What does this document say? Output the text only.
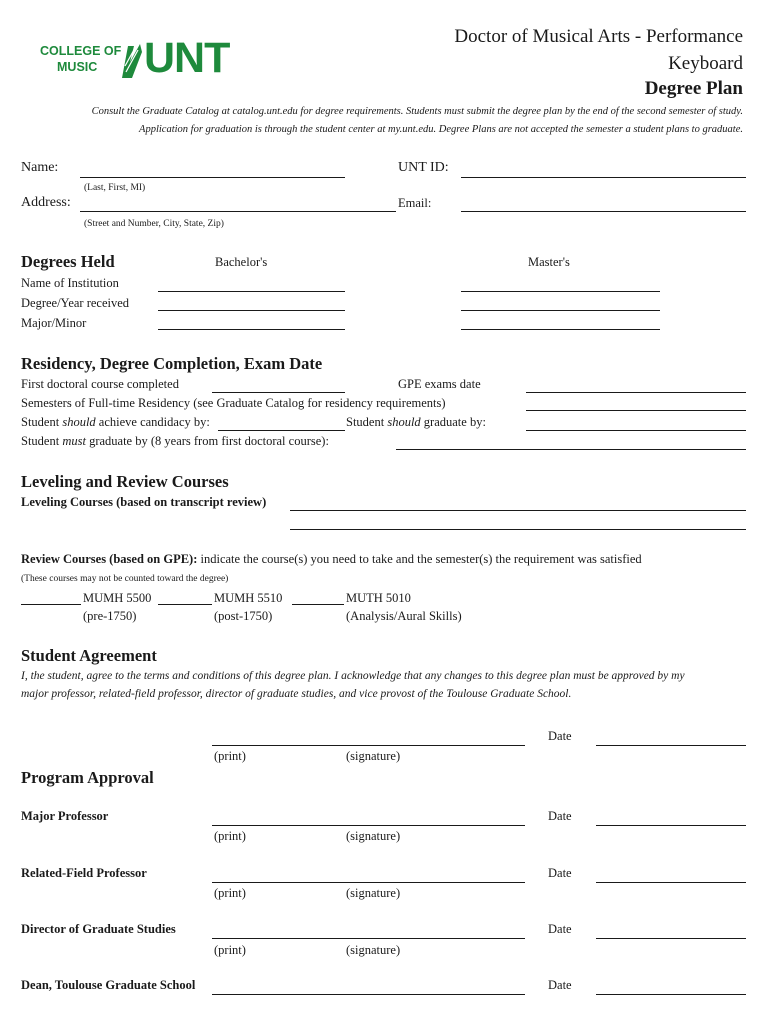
COLLEGE OF
MUSIC UNT	Doctor of Musical Arts - Performance
Keyboard
Degree Plan
Consult the Graduate Catalog at catalog.unt.edu for degree requirements. Students must submit the degree plan by the end of the second semester of study.
Application for graduation is through the student center at my.unt.edu. Degree Plans are not accepted the semester a student plans to graduate.
Name:
(Last, First, MI)
UNT ID:
Address:
(Street and Number, City, State, Zip)
Email:
Degrees Held	Bachelor's	Master's
Name of Institution
Degree/Year received
Major/Minor
Residency, Degree Completion, Exam Date
First doctoral course completed	GPE exams date
Semesters of Full-time Residency (see Graduate Catalog for residency requirements)
Student should achieve candidacy by:	Student should graduate by:
Student must graduate by (8 years from first doctoral course):
Leveling and Review Courses
Leveling Courses (based on transcript review)
Review Courses (based on GPE): indicate the course(s) you need to take and the semester(s) the requirement was satisfied
(These courses may not be counted toward the degree)
MUMH 5500
(pre-1750)
MUMH 5510
(post-1750)
MUTH 5010
(Analysis/Aural Skills)
Student Agreement
I, the student, agree to the terms and conditions of this degree plan. I acknowledge that any changes to this degree plan must be approved by my
major professor, related-field professor, director of graduate studies, and vice provost of the Toulouse Graduate School.
(print)	(signature)
Date
Program Approval
Major Professor
(print)	(signature)
Date
Related-Field Professor
(print)	(signature)
Date
Director of Graduate Studies
(print)	(signature)
Date
Dean, Toulouse Graduate School	Date
